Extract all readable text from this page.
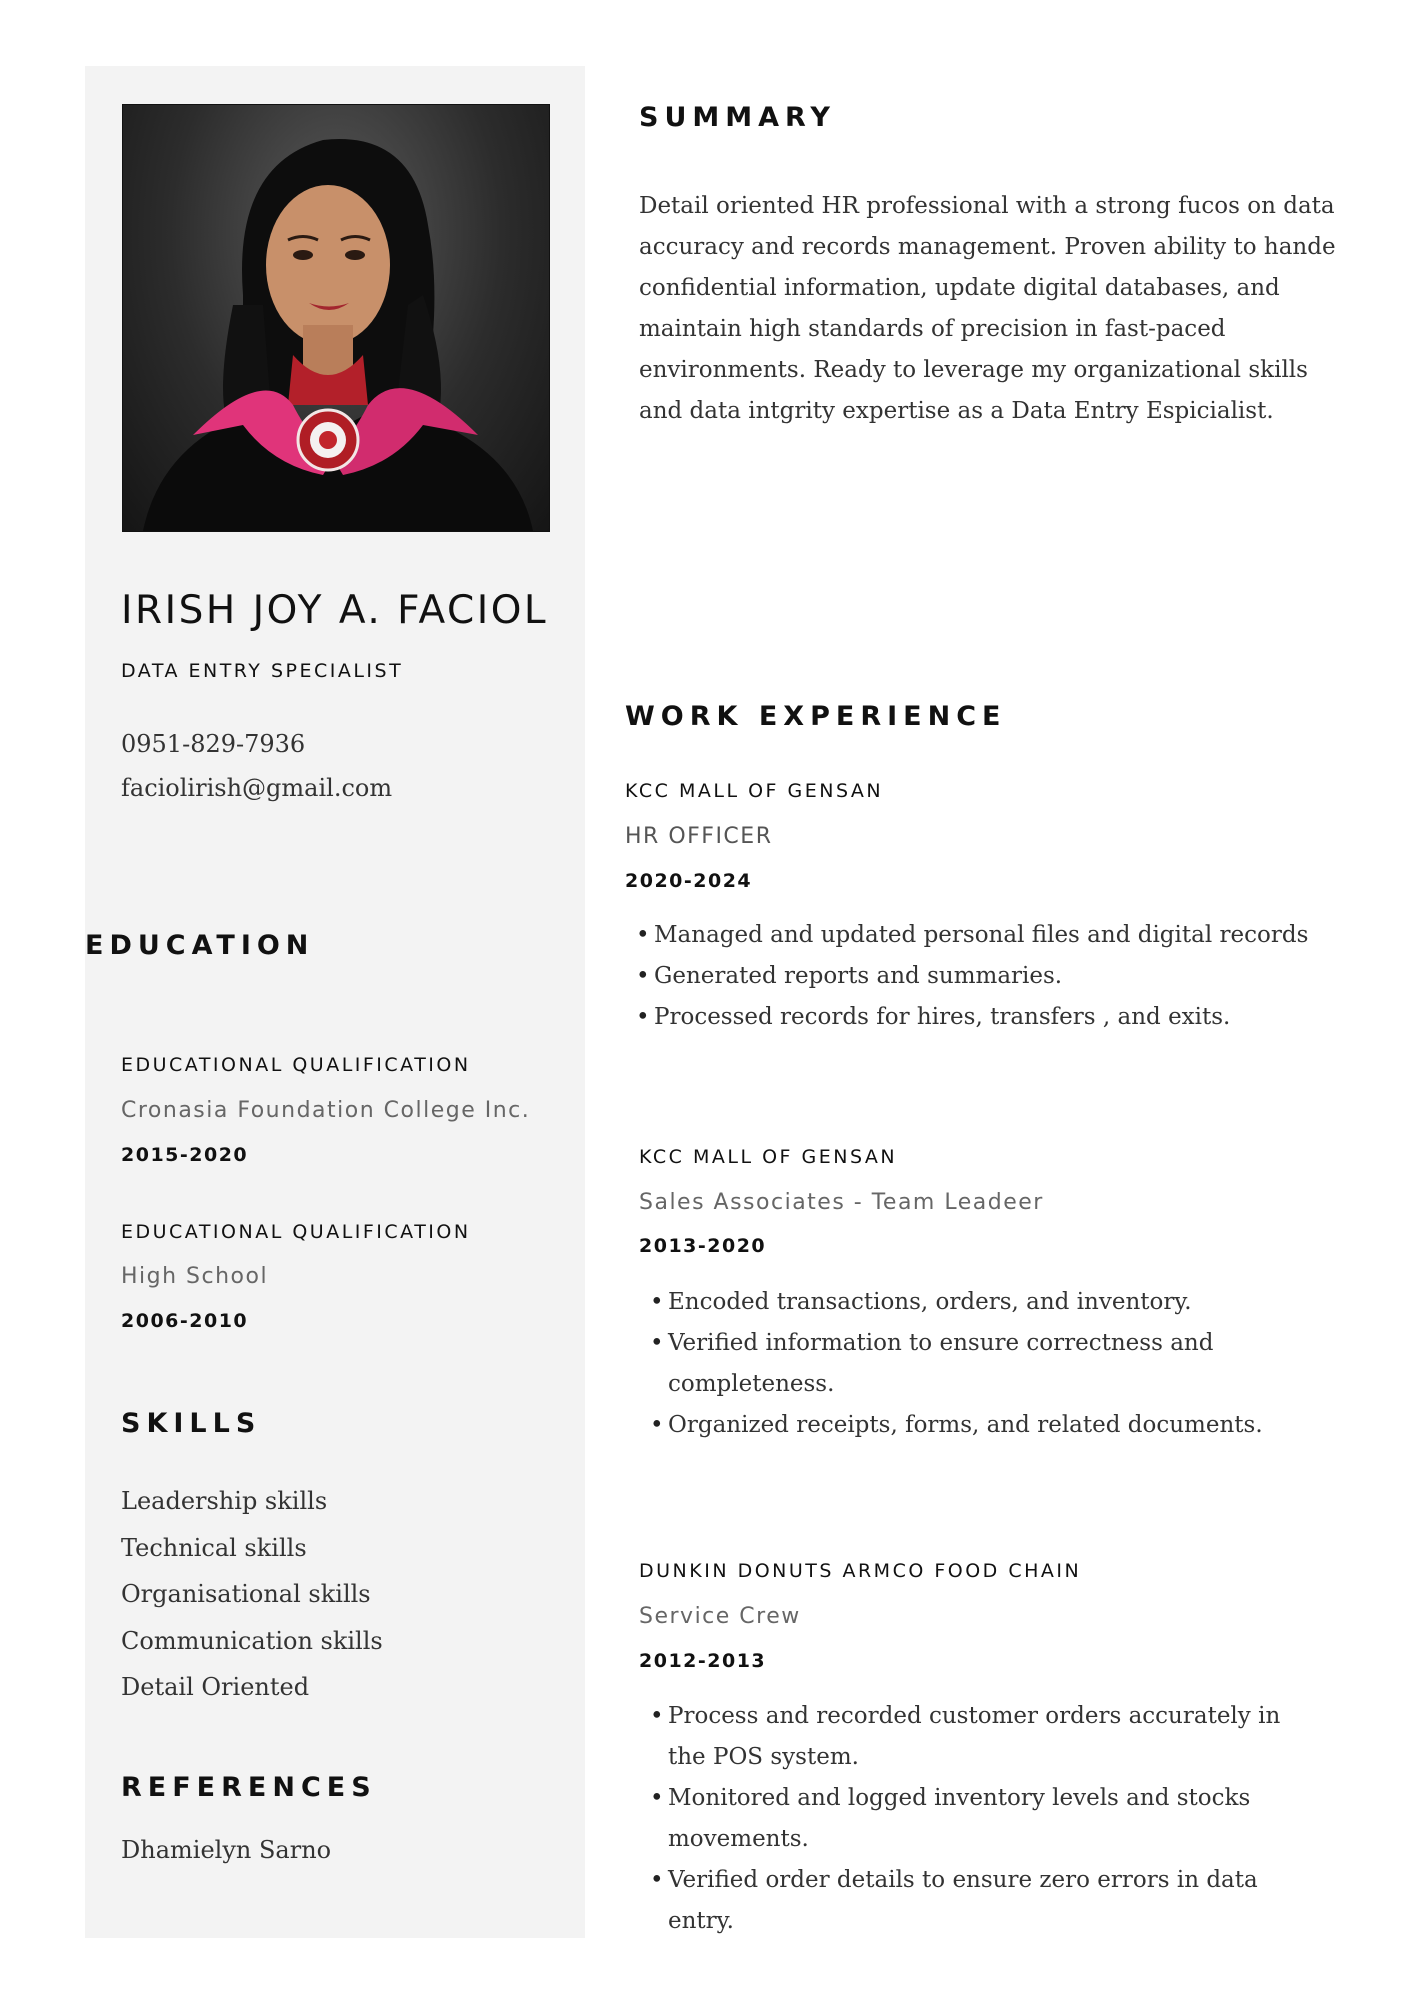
IRISH JOY A. FACIOL
DATA ENTRY SPECIALIST
0951-829-7936
faciolirish@gmail.com
EDUCATION
EDUCATIONAL QUALIFICATION
Cronasia Foundation College Inc.
2015-2020
EDUCATIONAL QUALIFICATION
High School
2006-2010
SKILLS
Leadership skills
Technical skills
Organisational skills
Communication skills
Detail Oriented
REFERENCES
Dhamielyn Sarno
SUMMARY
Detail oriented HR professional with a strong fucos on data accuracy and records management. Proven ability to hande confidential information, update digital databases, and maintain high standards of precision in fast-paced environments. Ready to leverage my organizational skills and data intgrity expertise as a Data Entry Espicialist.
WORK EXPERIENCE
KCC MALL OF GENSAN
HR OFFICER
2020-2024
• Managed and updated personal files and digital records
• Generated reports and summaries.
• Processed records for hires, transfers , and exits.
KCC MALL OF GENSAN
Sales Associates - Team Leadeer
2013-2020
• Encoded transactions, orders, and inventory.
• Verified information to ensure correctness and completeness.
• Organized receipts, forms, and related documents.
DUNKIN DONUTS ARMCO FOOD CHAIN
Service Crew
2012-2013
• Process and recorded customer orders accurately in the POS system.
• Monitored and logged inventory levels and stocks movements.
• Verified order details to ensure zero errors in data entry.
